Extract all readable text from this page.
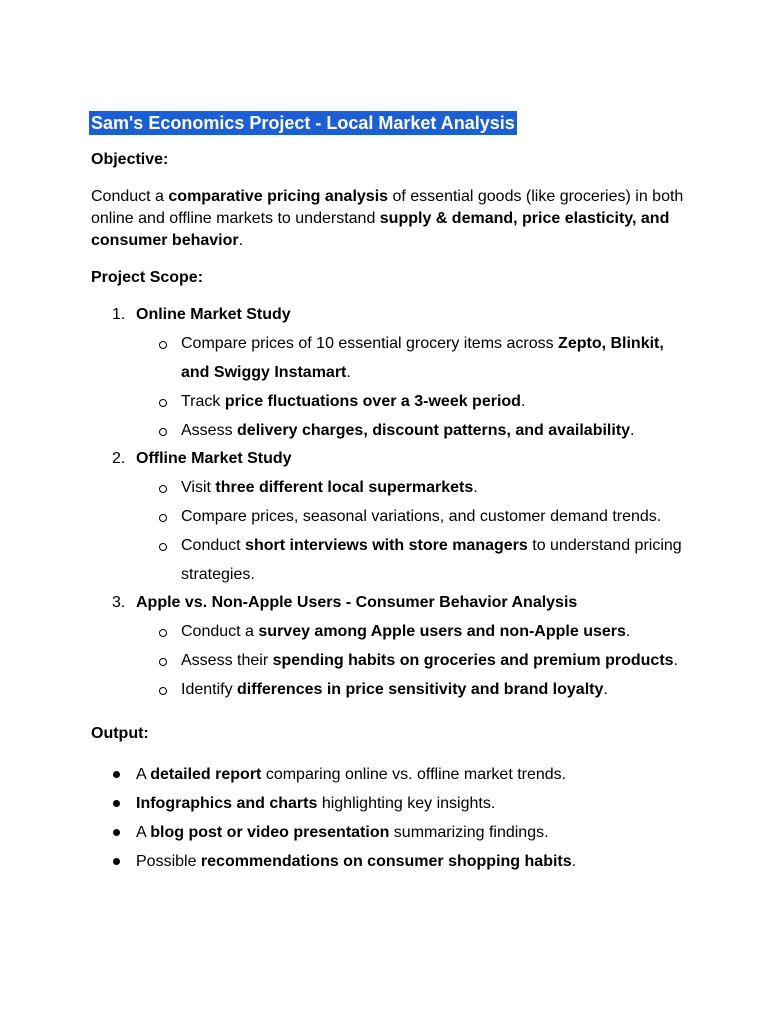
Sam's Economics Project - Local Market Analysis
Objective:
Conduct a comparative pricing analysis of essential goods (like groceries) in both online and offline markets to understand supply & demand, price elasticity, and consumer behavior.
Project Scope:
1. Online Market Study
Compare prices of 10 essential grocery items across Zepto, Blinkit, and Swiggy Instamart.
Track price fluctuations over a 3-week period.
Assess delivery charges, discount patterns, and availability.
2. Offline Market Study
Visit three different local supermarkets.
Compare prices, seasonal variations, and customer demand trends.
Conduct short interviews with store managers to understand pricing strategies.
3. Apple vs. Non-Apple Users - Consumer Behavior Analysis
Conduct a survey among Apple users and non-Apple users.
Assess their spending habits on groceries and premium products.
Identify differences in price sensitivity and brand loyalty.
Output:
A detailed report comparing online vs. offline market trends.
Infographics and charts highlighting key insights.
A blog post or video presentation summarizing findings.
Possible recommendations on consumer shopping habits.
